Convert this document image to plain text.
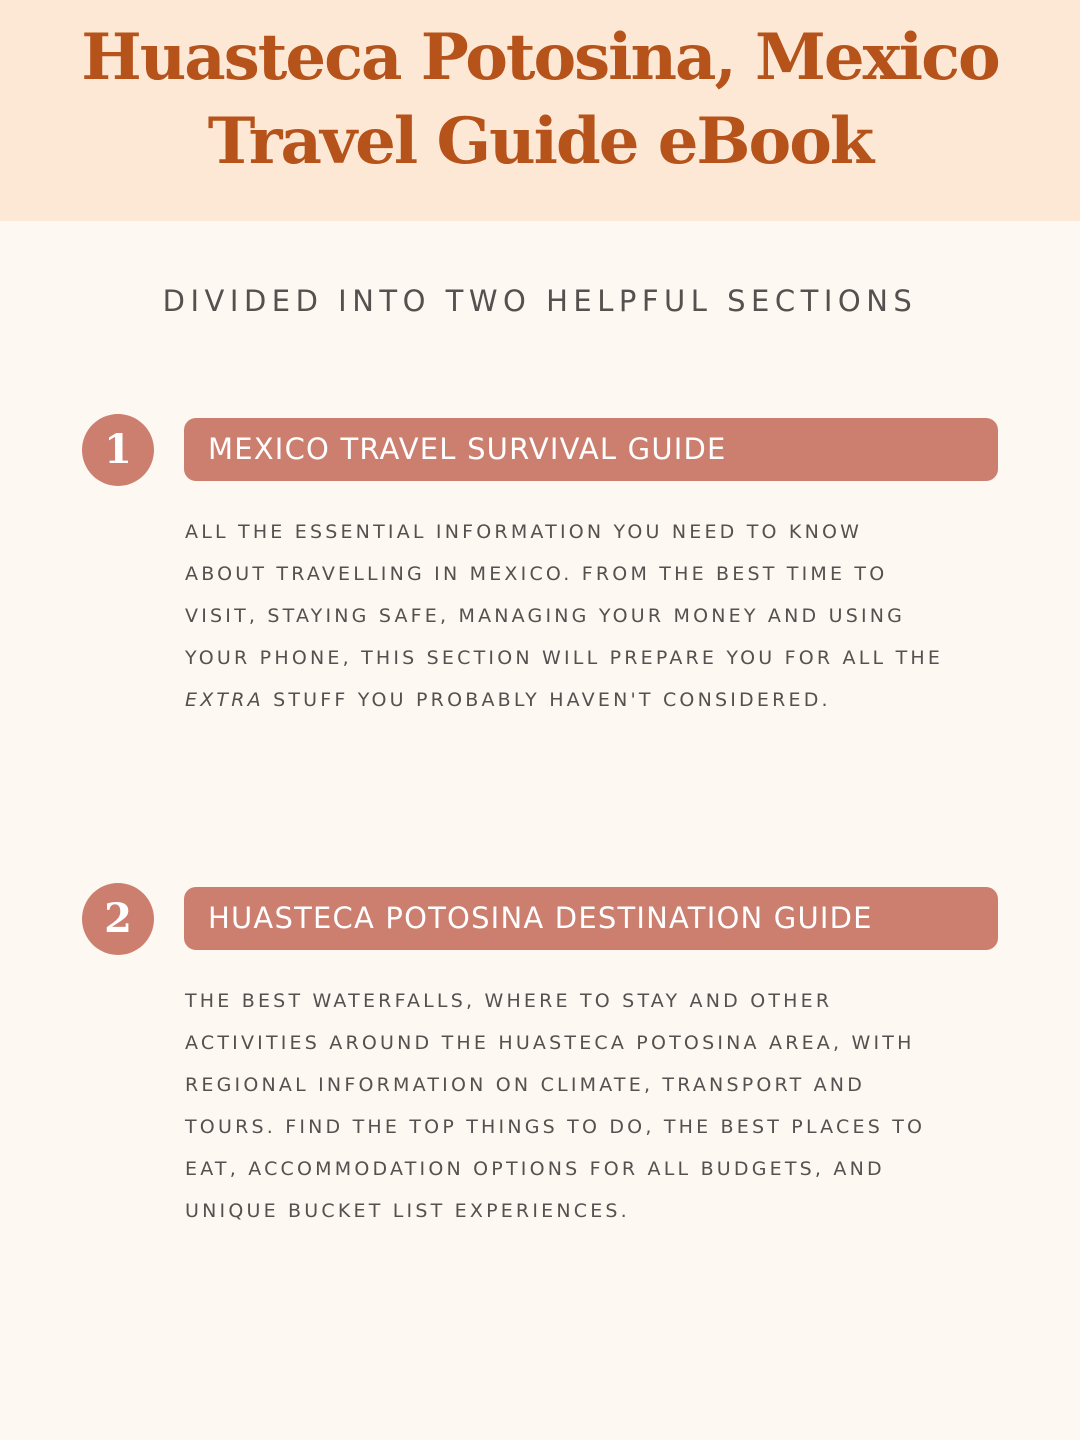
Huasteca Potosina, Mexico
Travel Guide eBook
DIVIDED INTO TWO HELPFUL SECTIONS
1	MEXICO TRAVEL SURVIVAL GUIDE
ALL THE ESSENTIAL INFORMATION YOU NEED TO KNOW
ABOUT TRAVELLING IN MEXICO. FROM THE BEST TIME TO
VISIT, STAYING SAFE, MANAGING YOUR MONEY AND USING
YOUR PHONE, THIS SECTION WILL PREPARE YOU FOR ALL THE
EXTRA STUFF YOU PROBABLY HAVEN'T CONSIDERED.
2	HUASTECA POTOSINA DESTINATION GUIDE
THE BEST WATERFALLS, WHERE TO STAY AND OTHER
ACTIVITIES AROUND THE HUASTECA POTOSINA AREA, WITH
REGIONAL INFORMATION ON CLIMATE, TRANSPORT AND
TOURS. FIND THE TOP THINGS TO DO, THE BEST PLACES TO
EAT, ACCOMMODATION OPTIONS FOR ALL BUDGETS, AND
UNIQUE BUCKET LIST EXPERIENCES.
